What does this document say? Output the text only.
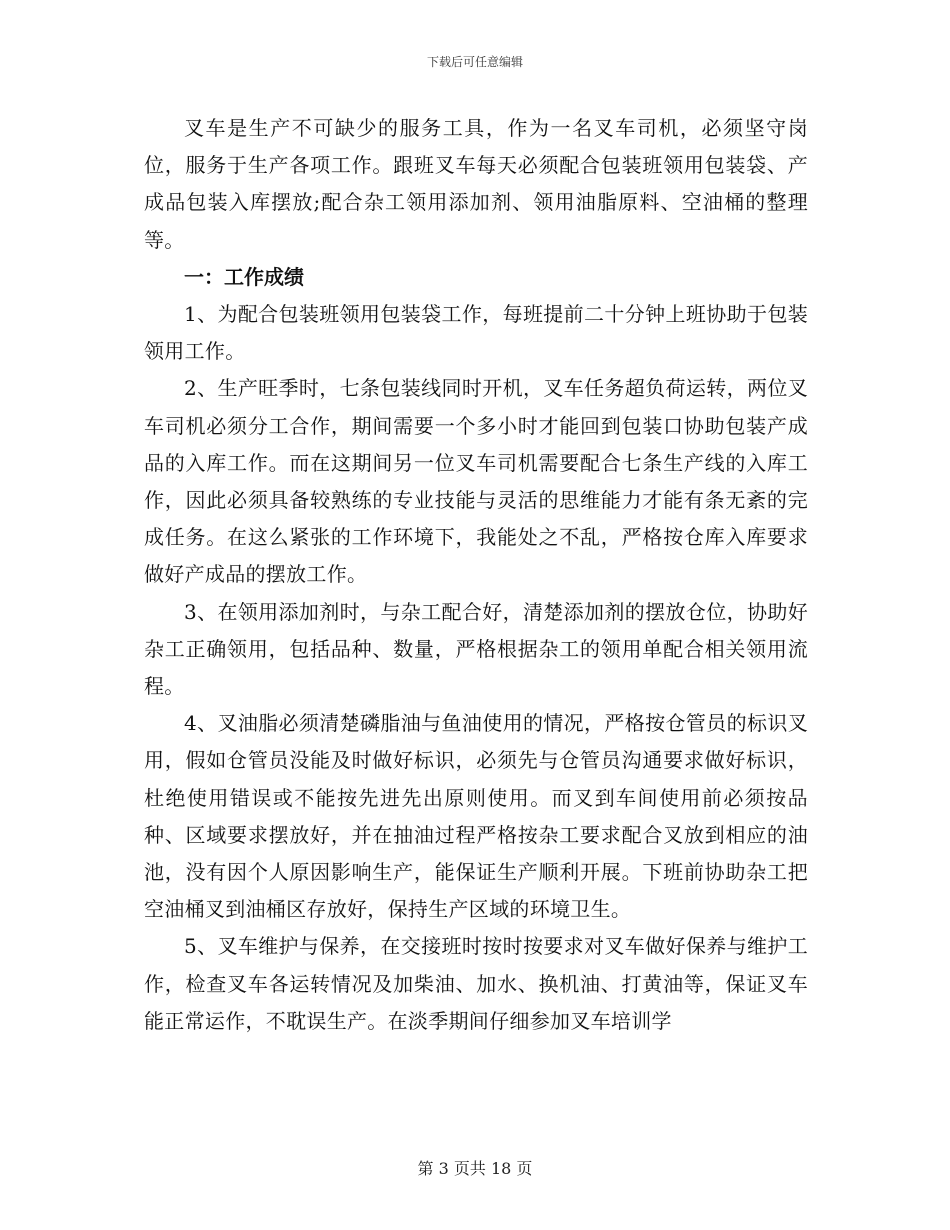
下载后可任意编辑

叉车是生产不可缺少的服务工具，作为一名叉车司机，必须坚守岗位，服务于生产各项工作。跟班叉车每天必须配合包装班领用包装袋、产成品包装入库摆放;配合杂工领用添加剂、领用油脂原料、空油桶的整理等。

一：工作成绩

1、为配合包装班领用包装袋工作，每班提前二十分钟上班协助于包装领用工作。

2、生产旺季时，七条包装线同时开机，叉车任务超负荷运转，两位叉车司机必须分工合作，期间需要一个多小时才能回到包装口协助包装产成品的入库工作。而在这期间另一位叉车司机需要配合七条生产线的入库工作，因此必须具备较熟练的专业技能与灵活的思维能力才能有条无紊的完成任务。在这么紧张的工作环境下，我能处之不乱，严格按仓库入库要求做好产成品的摆放工作。

3、在领用添加剂时，与杂工配合好，清楚添加剂的摆放仓位，协助好杂工正确领用，包括品种、数量，严格根据杂工的领用单配合相关领用流程。

4、叉油脂必须清楚磷脂油与鱼油使用的情况，严格按仓管员的标识叉用，假如仓管员没能及时做好标识，必须先与仓管员沟通要求做好标识，杜绝使用错误或不能按先进先出原则使用。而叉到车间使用前必须按品种、区域要求摆放好，并在抽油过程严格按杂工要求配合叉放到相应的油池，没有因个人原因影响生产，能保证生产顺利开展。下班前协助杂工把空油桶叉到油桶区存放好，保持生产区域的环境卫生。

5、叉车维护与保养，在交接班时按时按要求对叉车做好保养与维护工作，检查叉车各运转情况及加柴油、加水、换机油、打黄油等，保证叉车能正常运作，不耽误生产。在淡季期间仔细参加叉车培训学

第 3 页共 18 页
